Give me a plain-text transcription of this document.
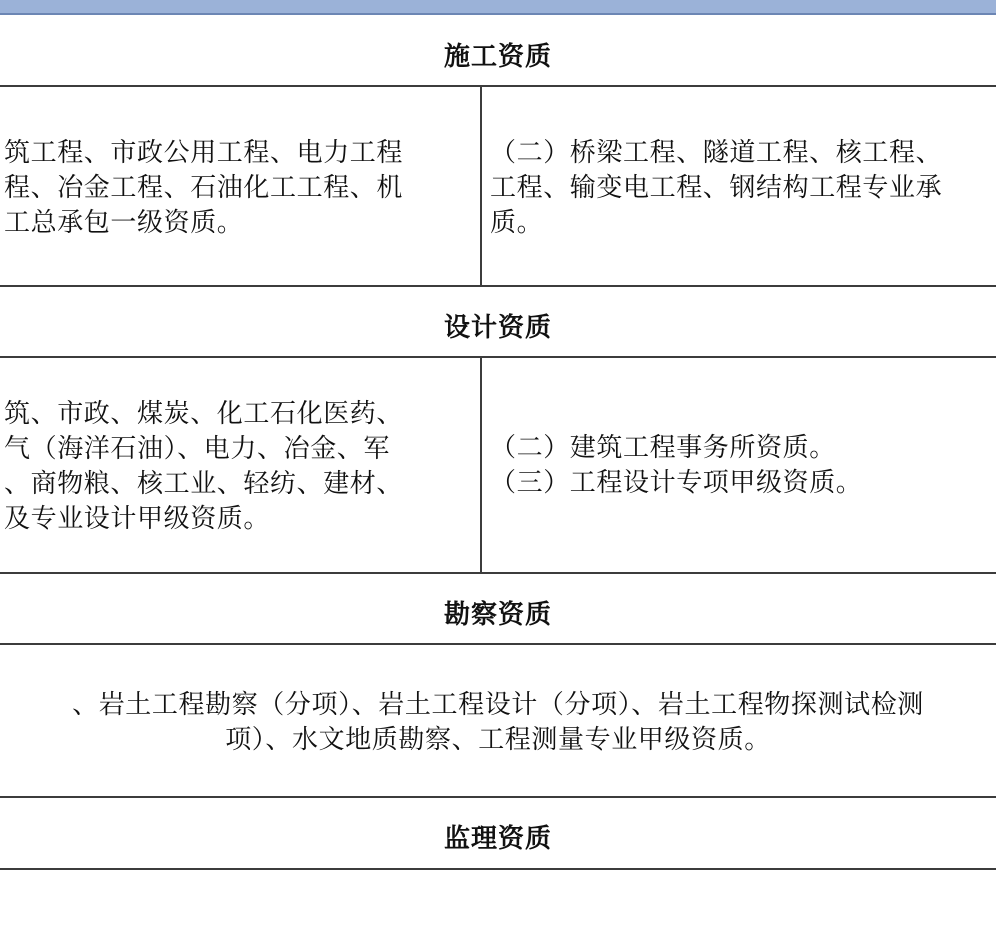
施工资质
筑工程、市政公用工程、电力工程
程、冶金工程、石油化工工程、机
工总承包一级资质。
（二）桥梁工程、隧道工程、核工程、
工程、输变电工程、钢结构工程专业承
质。
设计资质
筑、市政、煤炭、化工石化医药、
气（海洋石油）、电力、冶金、军
、商物粮、核工业、轻纺、建材、
及专业设计甲级资质。
（二）建筑工程事务所资质。
（三）工程设计专项甲级资质。
勘察资质
、岩土工程勘察（分项）、岩土工程设计（分项）、岩土工程物探测试检测
项）、水文地质勘察、工程测量专业甲级资质。
监理资质
